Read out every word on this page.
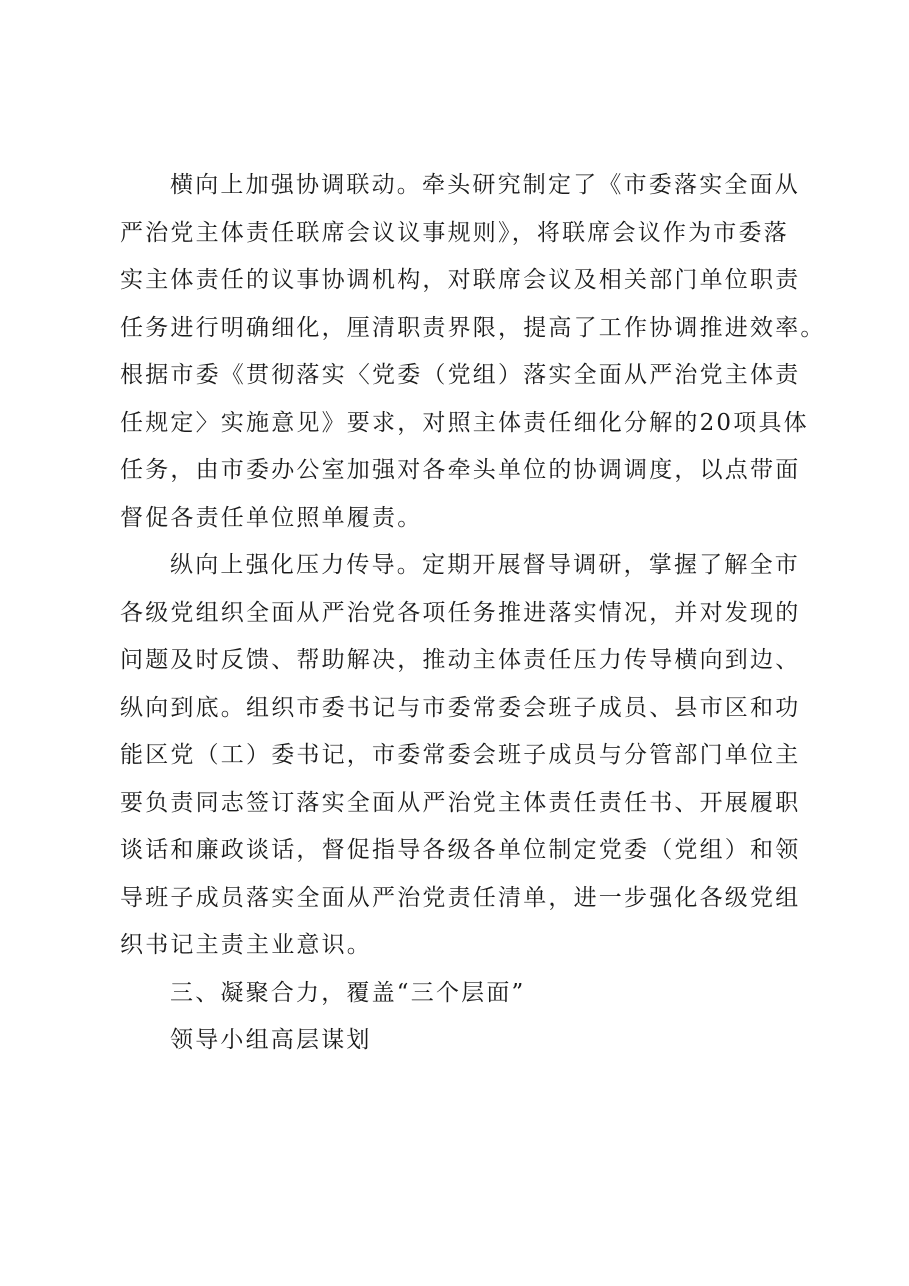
横向上加强协调联动。牵头研究制定了《市委落实全面从
严治党主体责任联席会议议事规则》，将联席会议作为市委落
实主体责任的议事协调机构，对联席会议及相关部门单位职责
任务进行明确细化，厘清职责界限，提高了工作协调推进效率。
根据市委《贯彻落实〈党委（党组）落实全面从严治党主体责
任规定〉实施意见》要求，对照主体责任细化分解的20项具体
任务，由市委办公室加强对各牵头单位的协调调度，以点带面
督促各责任单位照单履责。

纵向上强化压力传导。定期开展督导调研，掌握了解全市
各级党组织全面从严治党各项任务推进落实情况，并对发现的
问题及时反馈、帮助解决，推动主体责任压力传导横向到边、
纵向到底。组织市委书记与市委常委会班子成员、县市区和功
能区党（工）委书记，市委常委会班子成员与分管部门单位主
要负责同志签订落实全面从严治党主体责任责任书、开展履职
谈话和廉政谈话，督促指导各级各单位制定党委（党组）和领
导班子成员落实全面从严治党责任清单，进一步强化各级党组
织书记主责主业意识。

三、凝聚合力，覆盖“三个层面”

领导小组高层谋划
